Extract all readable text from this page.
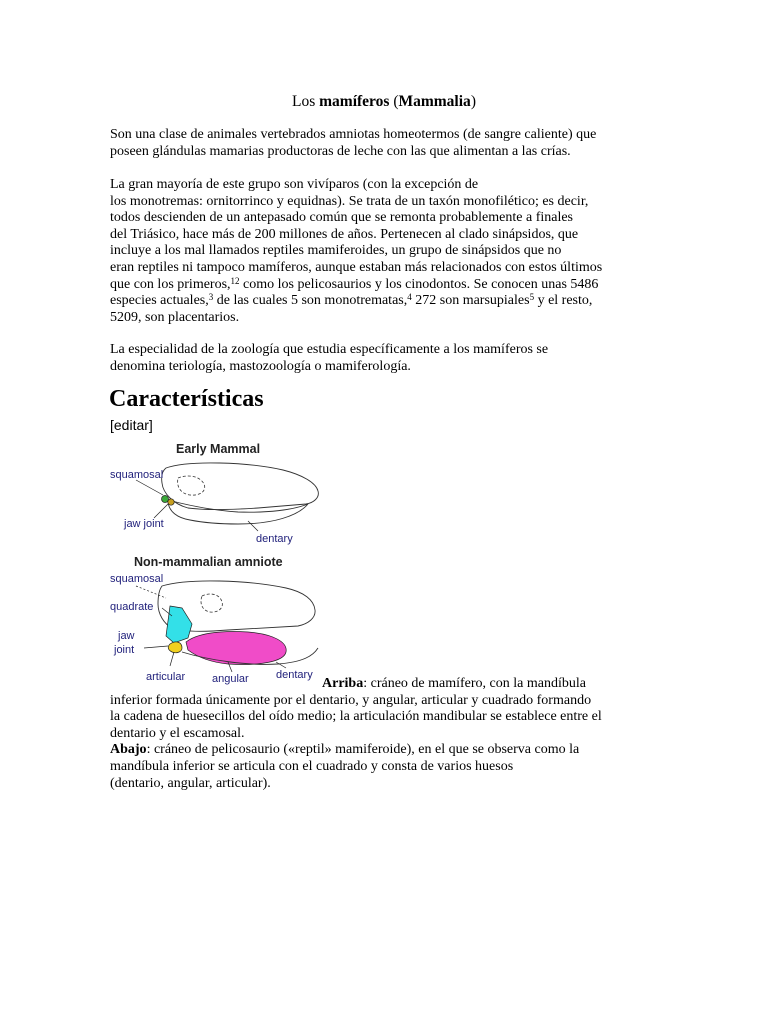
Los mamíferos (Mammalia)

Son una clase de animales vertebrados amniotas homeotermos (de sangre caliente) que
poseen glándulas mamarias productoras de leche con las que alimentan a las crías.

La gran mayoría de este grupo son vivíparos (con la excepción de
los monotremas: ornitorrinco y equidnas). Se trata de un taxón monofilético; es decir,
todos descienden de un antepasado común que se remonta probablemente a finales
del Triásico, hace más de 200 millones de años. Pertenecen al clado sinápsidos, que
incluye a los mal llamados reptiles mamiferoides, un grupo de sinápsidos que no
eran reptiles ni tampoco mamíferos, aunque estaban más relacionados con estos últimos
que con los primeros,$^{12}$ como los pelicosaurios y los cinodontos. Se conocen unas 5486
especies actuales,$^3$ de las cuales 5 son monotrematas,$^4$ 272 son marsupiales$^5$ y el resto,
5209, son placentarios.

La especialidad de la zoología que estudia específicamente a los mamíferos se
denomina teriología, mastozoología o mamiferología.

Características
[editar]
Early Mammal
squamosal
jaw joint
dentary
Non-mammalian amniote
squamosal
quadrate
jaw
joint
articular angular dentary

Arriba: cráneo de mamífero, con la mandíbula
inferior formada únicamente por el dentario, y angular, articular y cuadrado formando
la cadena de huesecillos del oído medio; la articulación mandibular se establece entre el
dentario y el escamosal.
Abajo: cráneo de pelicosaurio («reptil» mamiferoide), en el que se observa como la
mandíbula inferior se articula con el cuadrado y consta de varios huesos
(dentario, angular, articular).
